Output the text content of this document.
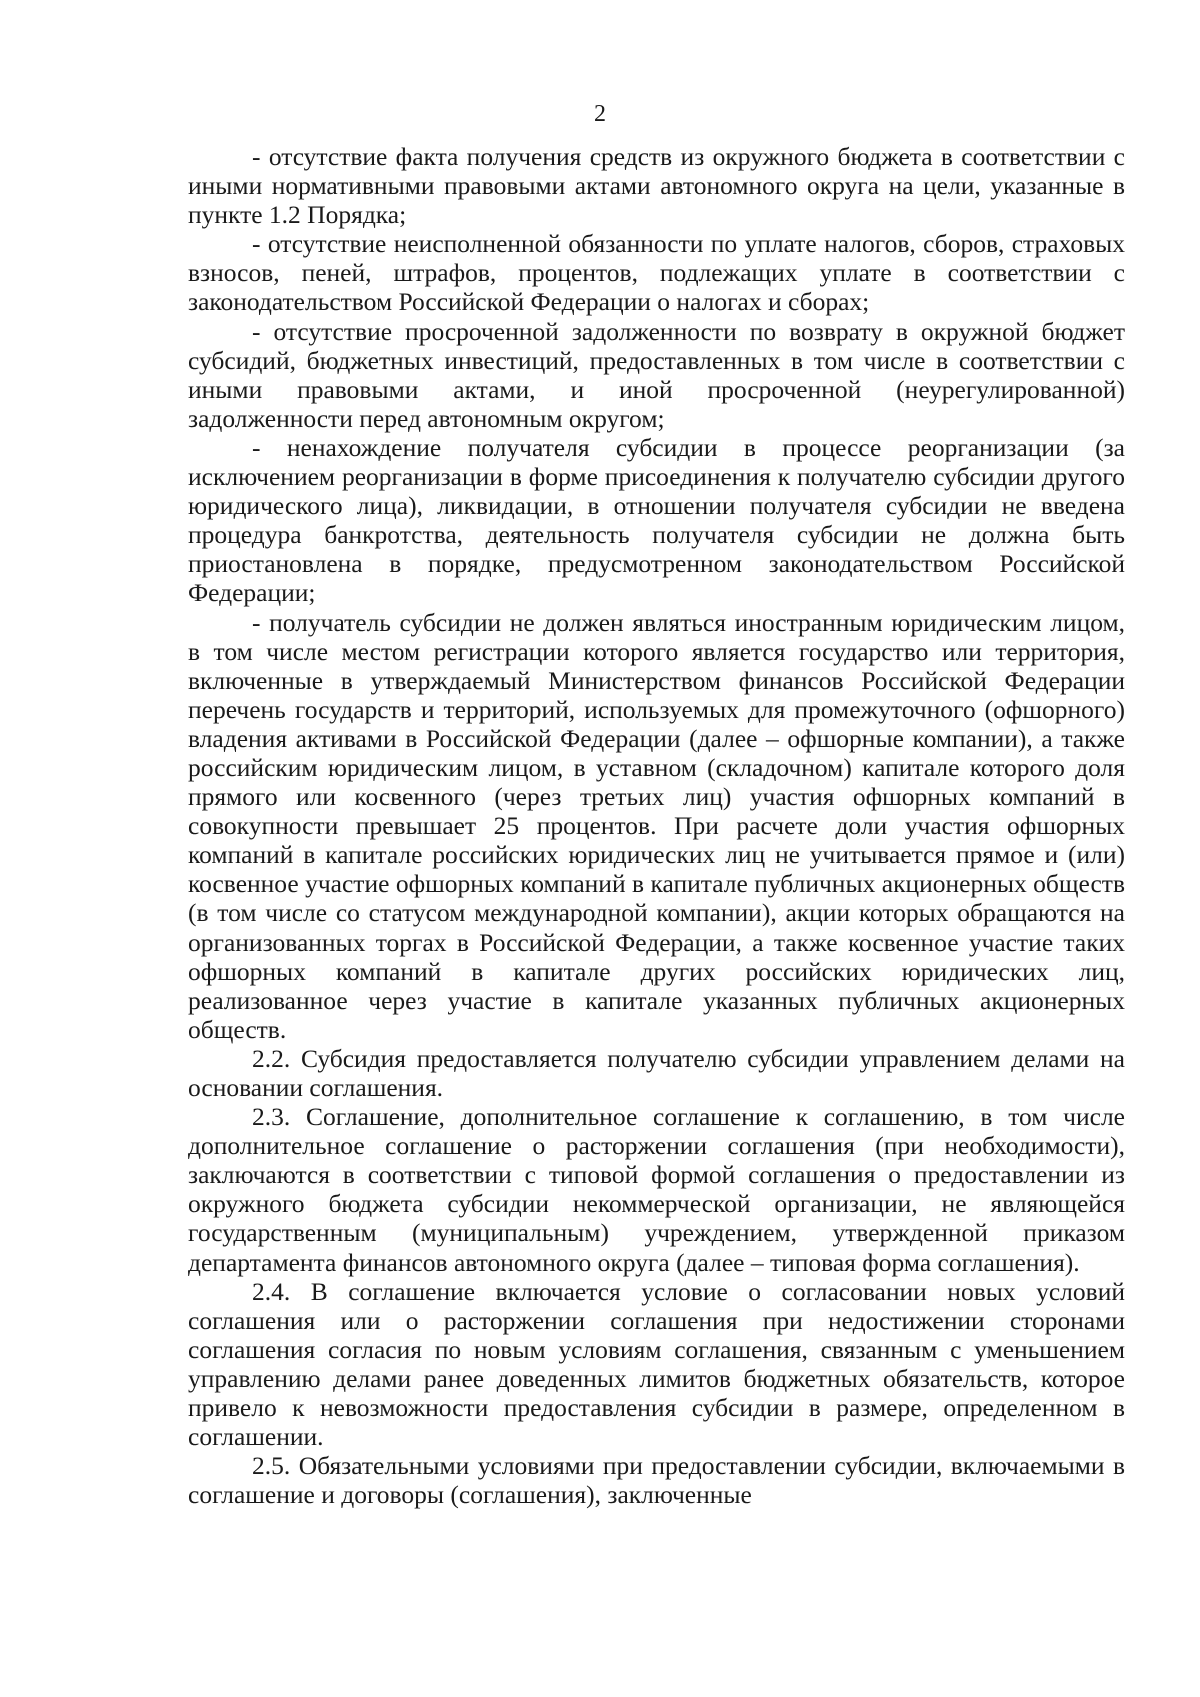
2

- отсутствие факта получения средств из окружного бюджета в соответствии с иными нормативными правовыми актами автономного округа на цели, указанные в пункте 1.2 Порядка;

- отсутствие неисполненной обязанности по уплате налогов, сборов, страховых взносов, пеней, штрафов, процентов, подлежащих уплате в соответствии с законодательством Российской Федерации о налогах и сборах;

- отсутствие просроченной задолженности по возврату в окружной бюджет субсидий, бюджетных инвестиций, предоставленных в том числе в соответствии с иными правовыми актами, и иной просроченной (неурегулированной) задолженности перед автономным округом;

- ненахождение получателя субсидии в процессе реорганизации (за исключением реорганизации в форме присоединения к получателю субсидии другого юридического лица), ликвидации, в отношении получателя субсидии не введена процедура банкротства, деятельность получателя субсидии не должна быть приостановлена в порядке, предусмотренном законодательством Российской Федерации;

- получатель субсидии не должен являться иностранным юридическим лицом, в том числе местом регистрации которого является государство или территория, включенные в утверждаемый Министерством финансов Российской Федерации перечень государств и территорий, используемых для промежуточного (офшорного) владения активами в Российской Федерации (далее – офшорные компании), а также российским юридическим лицом, в уставном (складочном) капитале которого доля прямого или косвенного (через третьих лиц) участия офшорных компаний в совокупности превышает 25 процентов. При расчете доли участия офшорных компаний в капитале российских юридических лиц не учитывается прямое и (или) косвенное участие офшорных компаний в капитале публичных акционерных обществ (в том числе со статусом международной компании), акции которых обращаются на организованных торгах в Российской Федерации, а также косвенное участие таких офшорных компаний в капитале других российских юридических лиц, реализованное через участие в капитале указанных публичных акционерных обществ.

2.2. Субсидия предоставляется получателю субсидии управлением делами на основании соглашения.

2.3. Соглашение, дополнительное соглашение к соглашению, в том числе дополнительное соглашение о расторжении соглашения (при необходимости), заключаются в соответствии с типовой формой соглашения о предоставлении из окружного бюджета субсидии некоммерческой организации, не являющейся государственным (муниципальным) учреждением, утвержденной приказом департамента финансов автономного округа (далее – типовая форма соглашения).

2.4. В соглашение включается условие о согласовании новых условий соглашения или о расторжении соглашения при недостижении сторонами соглашения согласия по новым условиям соглашения, связанным с уменьшением управлению делами ранее доведенных лимитов бюджетных обязательств, которое привело к невозможности предоставления субсидии в размере, определенном в соглашении.

2.5. Обязательными условиями при предоставлении субсидии, включаемыми в соглашение и договоры (соглашения), заключенные
